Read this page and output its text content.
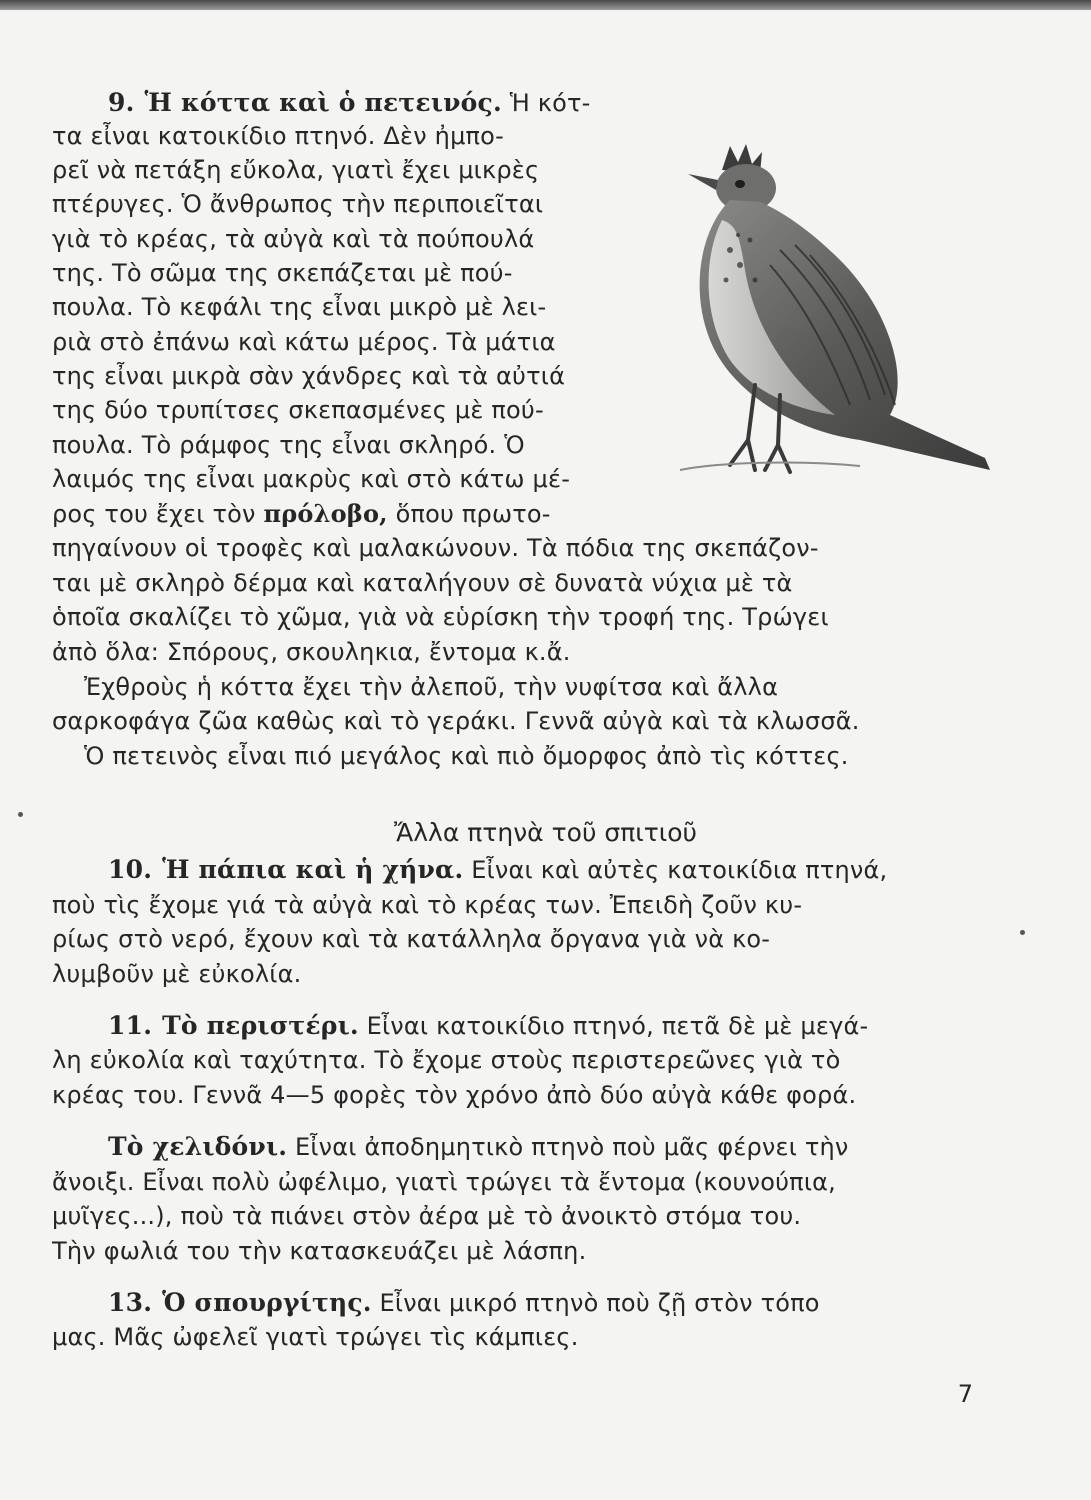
9. Ἡ κόττα καὶ ὁ πετεινός. Ἡ κότ-
τα εἶναι κατοικίδιο πτηνό. Δὲν ἠμπο-
ρεῖ νὰ πετάξη εὔκολα, γιατὶ ἔχει μικρὲς
πτέρυγες. Ὁ ἄνθρωπος τὴν περιποιεῖται
γιὰ τὸ κρέας, τὰ αὐγὰ καὶ τὰ πούπουλά
της. Τὸ σῶμα της σκεπάζεται μὲ πού-
πουλα. Τὸ κεφάλι της εἶναι μικρὸ μὲ λει-
ριὰ στὸ ἐπάνω καὶ κάτω μέρος. Τὰ μάτια
της εἶναι μικρὰ σὰν χάνδρες καὶ τὰ αὐτιά
της δύο τρυπίτσες σκεπασμένες μὲ πού-
πουλα. Τὸ ράμφος της εἶναι σκληρό. Ὁ
λαιμός της εἶναι μακρὺς καὶ στὸ κάτω μέ-
ρος του ἔχει τὸν πρόλοβο, ὅπου πρωτο-
πηγαίνουν οἱ τροφὲς καὶ μαλακώνουν. Τὰ πόδια της σκεπάζον-
ται μὲ σκληρὸ δέρμα καὶ καταλήγουν σὲ δυνατὰ νύχια μὲ τὰ
ὁποῖα σκαλίζει τὸ χῶμα, γιὰ νὰ εὑρίσκη τὴν τροφή της. Τρώγει
ἀπὸ ὅλα: Σπόρους, σκουληκια, ἔντομα κ.ἄ.
Ἐχθροὺς ἡ κόττα ἔχει τὴν ἀλεποῦ, τὴν νυφίτσα καὶ ἄλλα
σαρκοφάγα ζῶα καθὼς καὶ τὸ γεράκι. Γεννᾶ αὐγὰ καὶ τὰ κλωσσᾶ.
Ὁ πετεινὸς εἶναι πιό μεγάλος καὶ πιὸ ὄμορφος ἀπὸ τὶς κόττες.
Ἄλλα πτηνὰ τοῦ σπιτιοῦ
10. Ἡ πάπια καὶ ἡ χήνα. Εἶναι καὶ αὐτὲς κατοικίδια πτηνά,
ποὺ τὶς ἔχομε γιά τὰ αὐγὰ καὶ τὸ κρέας των. Ἐπειδὴ ζοῦν κυ-
ρίως στὸ νερό, ἔχουν καὶ τὰ κατάλληλα ὄργανα γιὰ νὰ κο-
λυμβοῦν μὲ εὐκολία.
11. Τὸ περιστέρι. Εἶναι κατοικίδιο πτηνό, πετᾶ δὲ μὲ μεγά-
λη εὐκολία καὶ ταχύτητα. Τὸ ἔχομε στοὺς περιστερεῶνες γιὰ τὸ
κρέας του. Γεννᾶ 4—5 φορὲς τὸν χρόνο ἀπὸ δύο αὐγὰ κάθε φορά.
Τὸ χελιδόνι. Εἶναι ἀποδημητικὸ πτηνὸ ποὺ μᾶς φέρνει τὴν
ἄνοιξι. Εἶναι πολὺ ὠφέλιμο, γιατὶ τρώγει τὰ ἔντομα (κουνούπια,
μυῖγες...), ποὺ τὰ πιάνει στὸν ἀέρα μὲ τὸ ἀνοικτὸ στόμα του.
Τὴν φωλιά του τὴν κατασκευάζει μὲ λάσπη.
13. Ὁ σπουργίτης. Εἶναι μικρό πτηνὸ ποὺ ζῇ στὸν τόπο
μας. Μᾶς ὠφελεῖ γιατὶ τρώγει τὶς κάμπιες.
7
